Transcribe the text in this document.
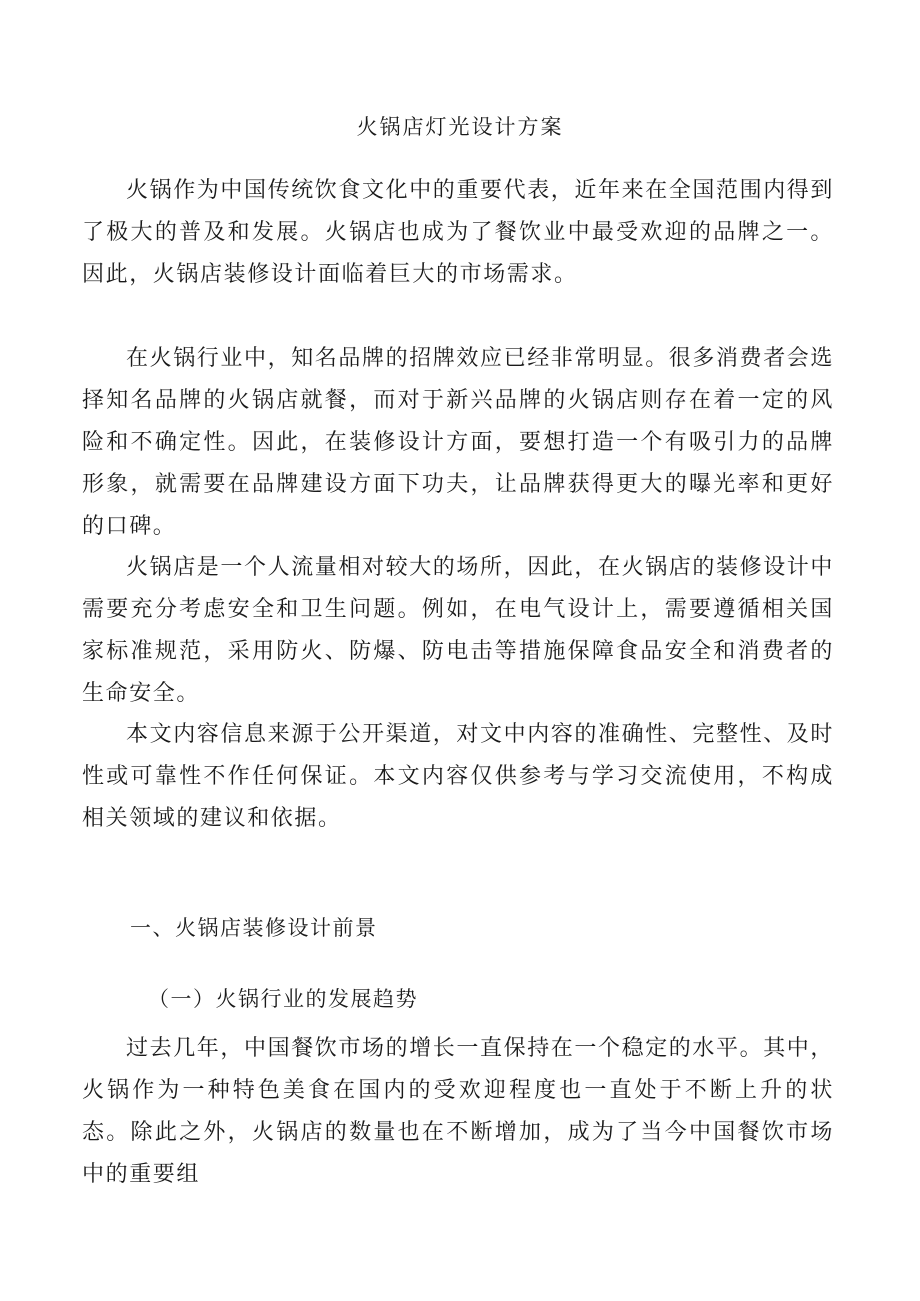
火锅店灯光设计方案

火锅作为中国传统饮食文化中的重要代表，近年来在全国范围内得到了极大的普及和发展。火锅店也成为了餐饮业中最受欢迎的品牌之一。因此，火锅店装修设计面临着巨大的市场需求。

在火锅行业中，知名品牌的招牌效应已经非常明显。很多消费者会选择知名品牌的火锅店就餐，而对于新兴品牌的火锅店则存在着一定的风险和不确定性。因此，在装修设计方面，要想打造一个有吸引力的品牌形象，就需要在品牌建设方面下功夫，让品牌获得更大的曝光率和更好的口碑。

火锅店是一个人流量相对较大的场所，因此，在火锅店的装修设计中需要充分考虑安全和卫生问题。例如，在电气设计上，需要遵循相关国家标准规范，采用防火、防爆、防电击等措施保障食品安全和消费者的生命安全。

本文内容信息来源于公开渠道，对文中内容的准确性、完整性、及时性或可靠性不作任何保证。本文内容仅供参考与学习交流使用，不构成相关领域的建议和依据。

一、火锅店装修设计前景
（一）火锅行业的发展趋势

过去几年，中国餐饮市场的增长一直保持在一个稳定的水平。其中，火锅作为一种特色美食在国内的受欢迎程度也一直处于不断上升的状态。除此之外，火锅店的数量也在不断增加，成为了当今中国餐饮市场中的重要组
